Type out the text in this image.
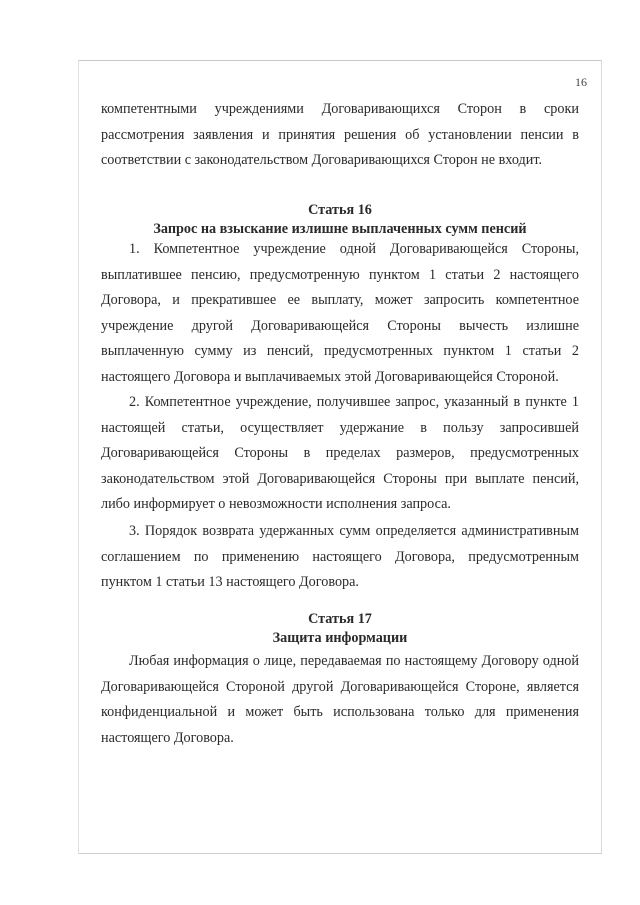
16
компетентными учреждениями Договаривающихся Сторон в сроки рассмотрения заявления и принятия решения об установлении пенсии в соответствии с законодательством Договаривающихся Сторон не входит.
Статья 16
Запрос на взыскание излишне выплаченных сумм пенсий
1. Компетентное учреждение одной Договаривающейся Стороны, выплатившее пенсию, предусмотренную пунктом 1 статьи 2 настоящего Договора, и прекратившее ее выплату, может запросить компетентное учреждение другой Договаривающейся Стороны вычесть излишне выплаченную сумму из пенсий, предусмотренных пунктом 1 статьи 2 настоящего Договора и выплачиваемых этой Договаривающейся Стороной.
2. Компетентное учреждение, получившее запрос, указанный в пункте 1 настоящей статьи, осуществляет удержание в пользу запросившей Договаривающейся Стороны в пределах размеров, предусмотренных законодательством этой Договаривающейся Стороны при выплате пенсий, либо информирует о невозможности исполнения запроса.
3. Порядок возврата удержанных сумм определяется административным соглашением по применению настоящего Договора, предусмотренным пунктом 1 статьи 13 настоящего Договора.
Статья 17
Защита информации
Любая информация о лице, передаваемая по настоящему Договору одной Договаривающейся Стороной другой Договаривающейся Стороне, является конфиденциальной и может быть использована только для применения настоящего Договора.
